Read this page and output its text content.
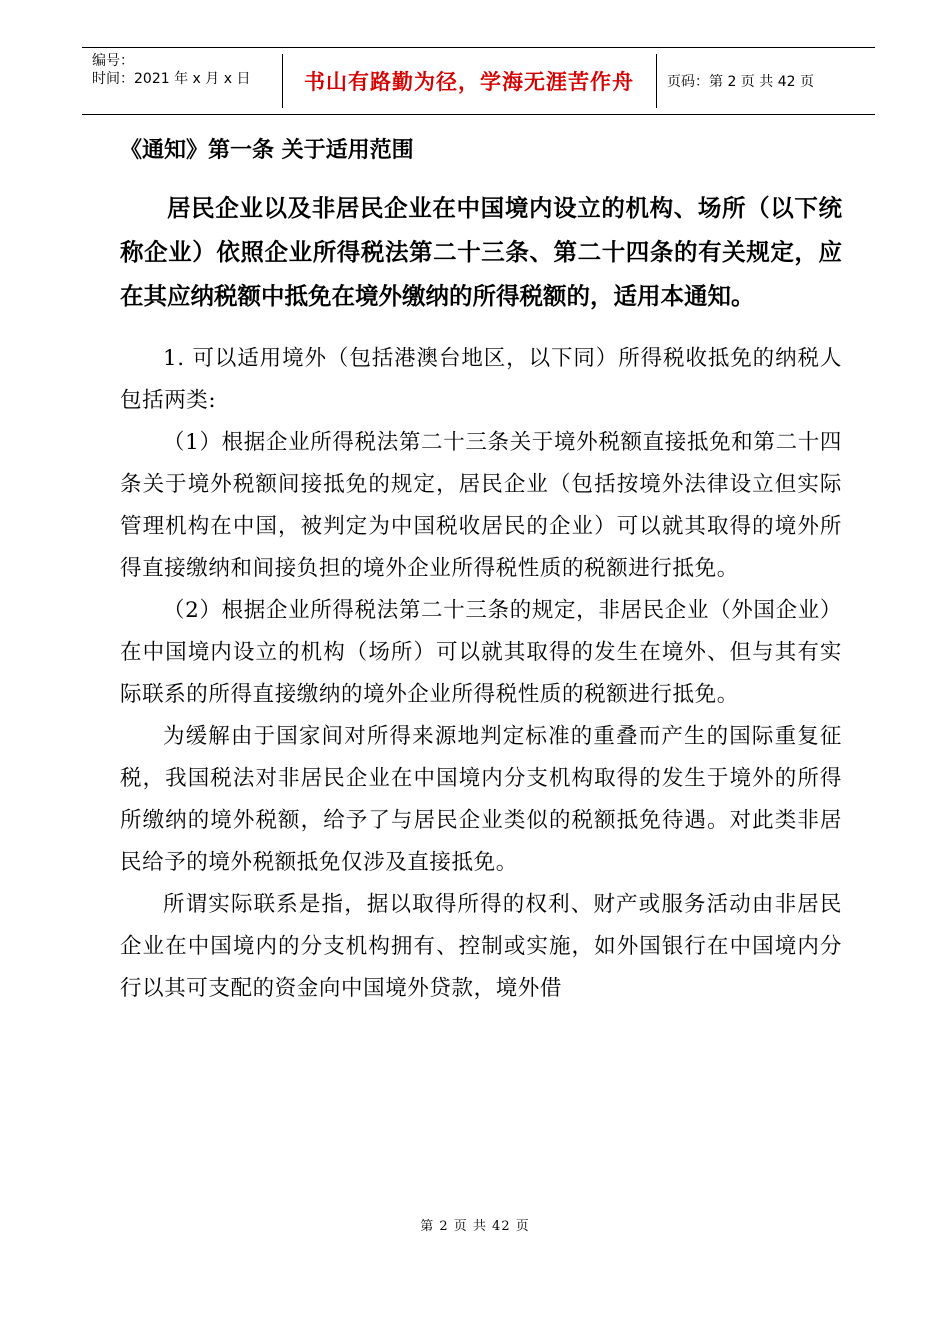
编号：
时间：2021 年 x 月 x 日	书山有路勤为径，学海无涯苦作舟	页码：第 2 页 共 42 页
《通知》第一条 关于适用范围

居民企业以及非居民企业在中国境内设立的机构、场所（以下统称企业）依照企业所得税法第二十三条、第二十四条的有关规定，应在其应纳税额中抵免在境外缴纳的所得税额的，适用本通知。

1. 可以适用境外（包括港澳台地区，以下同）所得税收抵免的纳税人包括两类:

（1）根据企业所得税法第二十三条关于境外税额直接抵免和第二十四条关于境外税额间接抵免的规定，居民企业（包括按境外法律设立但实际管理机构在中国，被判定为中国税收居民的企业）可以就其取得的境外所得直接缴纳和间接负担的境外企业所得税性质的税额进行抵免。

（2）根据企业所得税法第二十三条的规定，非居民企业（外国企业）在中国境内设立的机构（场所）可以就其取得的发生在境外、但与其有实际联系的所得直接缴纳的境外企业所得税性质的税额进行抵免。

为缓解由于国家间对所得来源地判定标准的重叠而产生的国际重复征税，我国税法对非居民企业在中国境内分支机构取得的发生于境外的所得所缴纳的境外税额，给予了与居民企业类似的税额抵免待遇。对此类非居民给予的境外税额抵免仅涉及直接抵免。

所谓实际联系是指，据以取得所得的权利、财产或服务活动由非居民企业在中国境内的分支机构拥有、控制或实施，如外国银行在中国境内分行以其可支配的资金向中国境外贷款，境外借

第 2 页 共 42 页
